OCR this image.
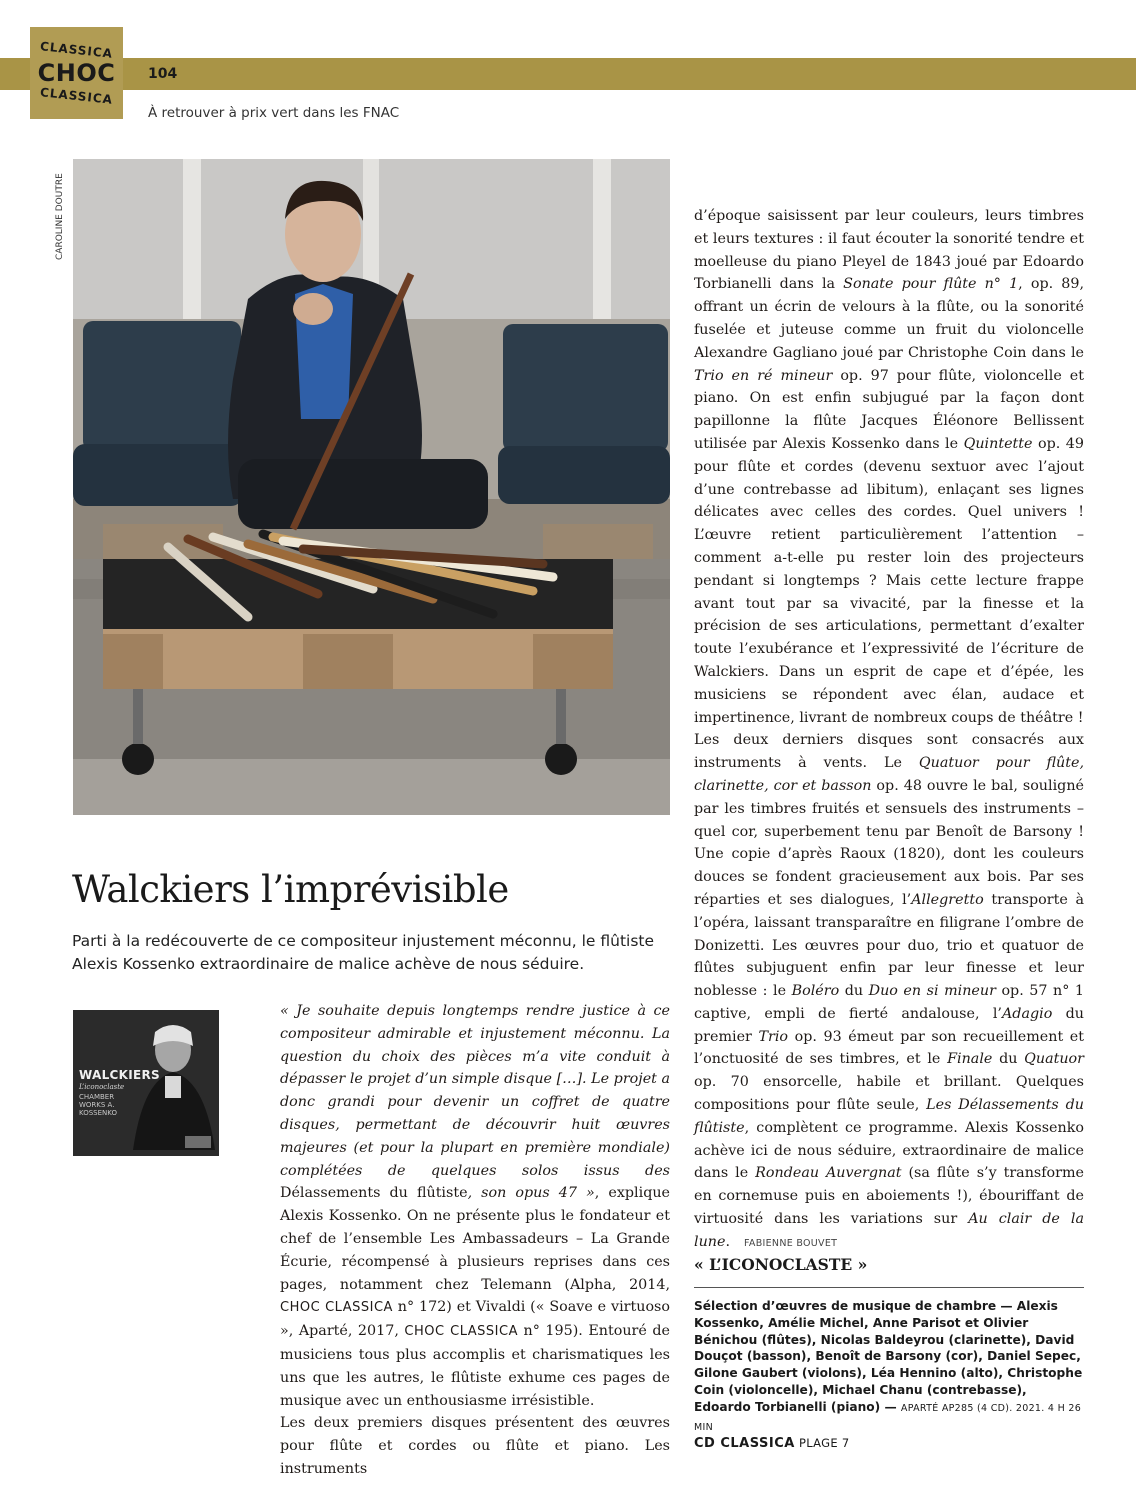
CLASSICA
CHOC
CLASSICA
104
À retrouver à prix vert dans les FNAC
CAROLINE DOUTRE
Walckiers l’imprévisible

Parti à la redécouverte de ce compositeur injustement méconnu, le flûtiste Alexis Kossenko extraordinaire de malice achève de nous séduire.

WALCKIERS
L’iconoclaste
CHAMBER WORKS A. KOSSENKO

« Je souhaite depuis longtemps rendre justice à ce compositeur admirable et injustement méconnu. La question du choix des pièces m’a vite conduit à dépasser le projet d’un simple disque […]. Le projet a donc grandi pour devenir un coffret de quatre disques, permettant de découvrir huit œuvres majeures (et pour la plupart en première mondiale) complétées de quelques solos issus des Délassements du flûtiste, son opus 47 », explique Alexis Kossenko. On ne présente plus le fondateur et chef de l’ensemble Les Ambassadeurs – La Grande Écurie, récompensé à plusieurs reprises dans ces pages, notamment chez Telemann (Alpha, 2014, CHOC CLASSICA n° 172) et Vivaldi (« Soave e virtuoso », Aparté, 2017, CHOC CLASSICA n° 195). Entouré de musiciens tous plus accomplis et charismatiques les uns que les autres, le flûtiste exhume ces pages de musique avec un enthousiasme irrésistible.

Les deux premiers disques présentent des œuvres pour flûte et cordes ou flûte et piano. Les instruments

d’époque saisissent par leur couleurs, leurs timbres et leurs textures : il faut écouter la sonorité tendre et moelleuse du piano Pleyel de 1843 joué par Edoardo Torbianelli dans la Sonate pour flûte n° 1, op. 89, offrant un écrin de velours à la flûte, ou la sonorité fuselée et juteuse comme un fruit du violoncelle Alexandre Gagliano joué par Christophe Coin dans le Trio en ré mineur op. 97 pour flûte, violoncelle et piano. On est enfin subjugué par la façon dont papillonne la flûte Jacques Éléonore Bellissent utilisée par Alexis Kossenko dans le Quintette op. 49 pour flûte et cordes (devenu sextuor avec l’ajout d’une contrebasse ad libitum), enlaçant ses lignes délicates avec celles des cordes. Quel univers ! L’œuvre retient particulièrement l’attention – comment a-t-elle pu rester loin des projecteurs pendant si longtemps ? Mais cette lecture frappe avant tout par sa vivacité, par la finesse et la précision de ses articulations, permettant d’exalter toute l’exubérance et l’expressivité de l’écriture de Walckiers. Dans un esprit de cape et d’épée, les musiciens se répondent avec élan, audace et impertinence, livrant de nombreux coups de théâtre !

Les deux derniers disques sont consacrés aux instruments à vents. Le Quatuor pour flûte, clarinette, cor et basson op. 48 ouvre le bal, souligné par les timbres fruités et sensuels des instruments – quel cor, superbement tenu par Benoît de Barsony ! Une copie d’après Raoux (1820), dont les couleurs douces se fondent gracieusement aux bois. Par ses réparties et ses dialogues, l’Allegretto transporte à l’opéra, laissant transparaître en filigrane l’ombre de Donizetti. Les œuvres pour duo, trio et quatuor de flûtes subjuguent enfin par leur finesse et leur noblesse : le Boléro du Duo en si mineur op. 57 n° 1 captive, empli de fierté andalouse, l’Adagio du premier Trio op. 93 émeut par son recueillement et l’onctuosité de ses timbres, et le Finale du Quatuor op. 70 ensorcelle, habile et brillant. Quelques compositions pour flûte seule, Les Délassements du flûtiste, complètent ce programme. Alexis Kossenko achève ici de nous séduire, extraordinaire de malice dans le Rondeau Auvergnat (sa flûte s’y transforme en cornemuse puis en aboiements !), ébouriffant de virtuosité dans les variations sur Au clair de la lune. FABIENNE BOUVET

« L’ICONOCLASTE »

Sélection d’œuvres de musique de chambre — Alexis Kossenko, Amélie Michel, Anne Parisot et Olivier Bénichou (flûtes), Nicolas Baldeyrou (clarinette), David Douçot (basson), Benoît de Barsony (cor), Daniel Sepec, Gilone Gaubert (violons), Léa Hennino (alto), Christophe Coin (violoncelle), Michael Chanu (contrebasse), Edoardo Torbianelli (piano) — APARTÉ AP285 (4 CD). 2021. 4 H 26 MIN

CD CLASSICA PLAGE 7
